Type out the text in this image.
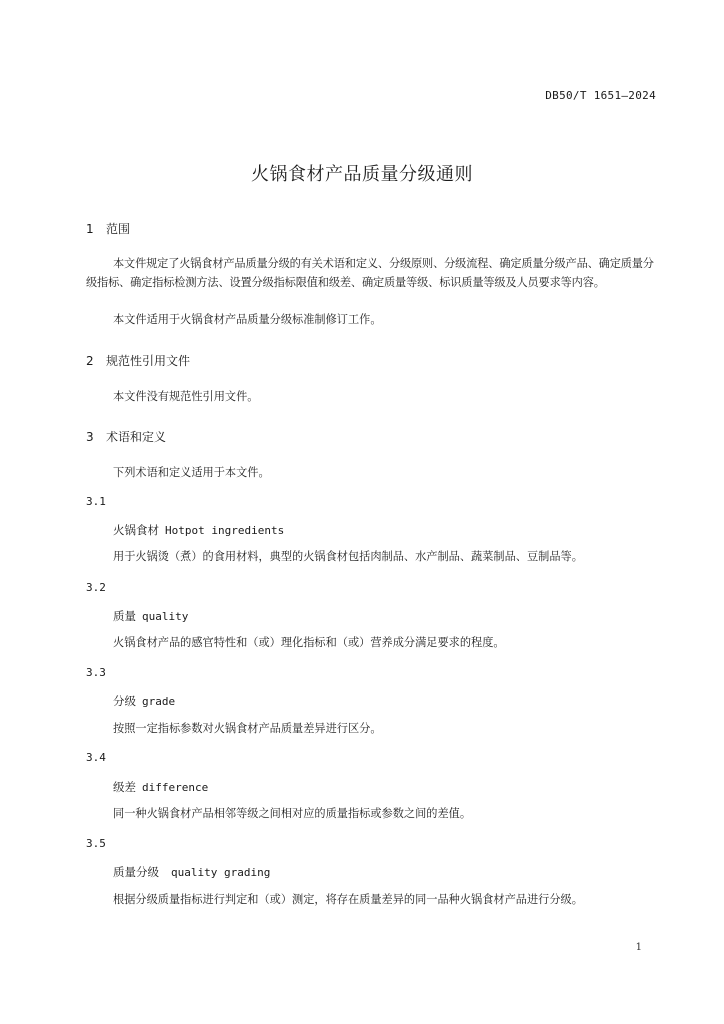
DB50/T 1651—2024
火锅食材产品质量分级通则
1 范围
本文件规定了火锅食材产品质量分级的有关术语和定义、分级原则、分级流程、确定质量分级产品、确定质量分级指标、确定指标检测方法、设置分级指标限值和级差、确定质量等级、标识质量等级及人员要求等内容。
本文件适用于火锅食材产品质量分级标准制修订工作。
2 规范性引用文件
本文件没有规范性引用文件。
3 术语和定义
下列术语和定义适用于本文件。
3.1
火锅食材 Hotpot ingredients
用于火锅烫（煮）的食用材料，典型的火锅食材包括肉制品、水产制品、蔬菜制品、豆制品等。
3.2
质量 quality
火锅食材产品的感官特性和（或）理化指标和（或）营养成分满足要求的程度。
3.3
分级 grade
按照一定指标参数对火锅食材产品质量差异进行区分。
3.4
级差 difference
同一种火锅食材产品相邻等级之间相对应的质量指标或参数之间的差值。
3.5
质量分级 quality grading
根据分级质量指标进行判定和（或）测定，将存在质量差异的同一品种火锅食材产品进行分级。
1
